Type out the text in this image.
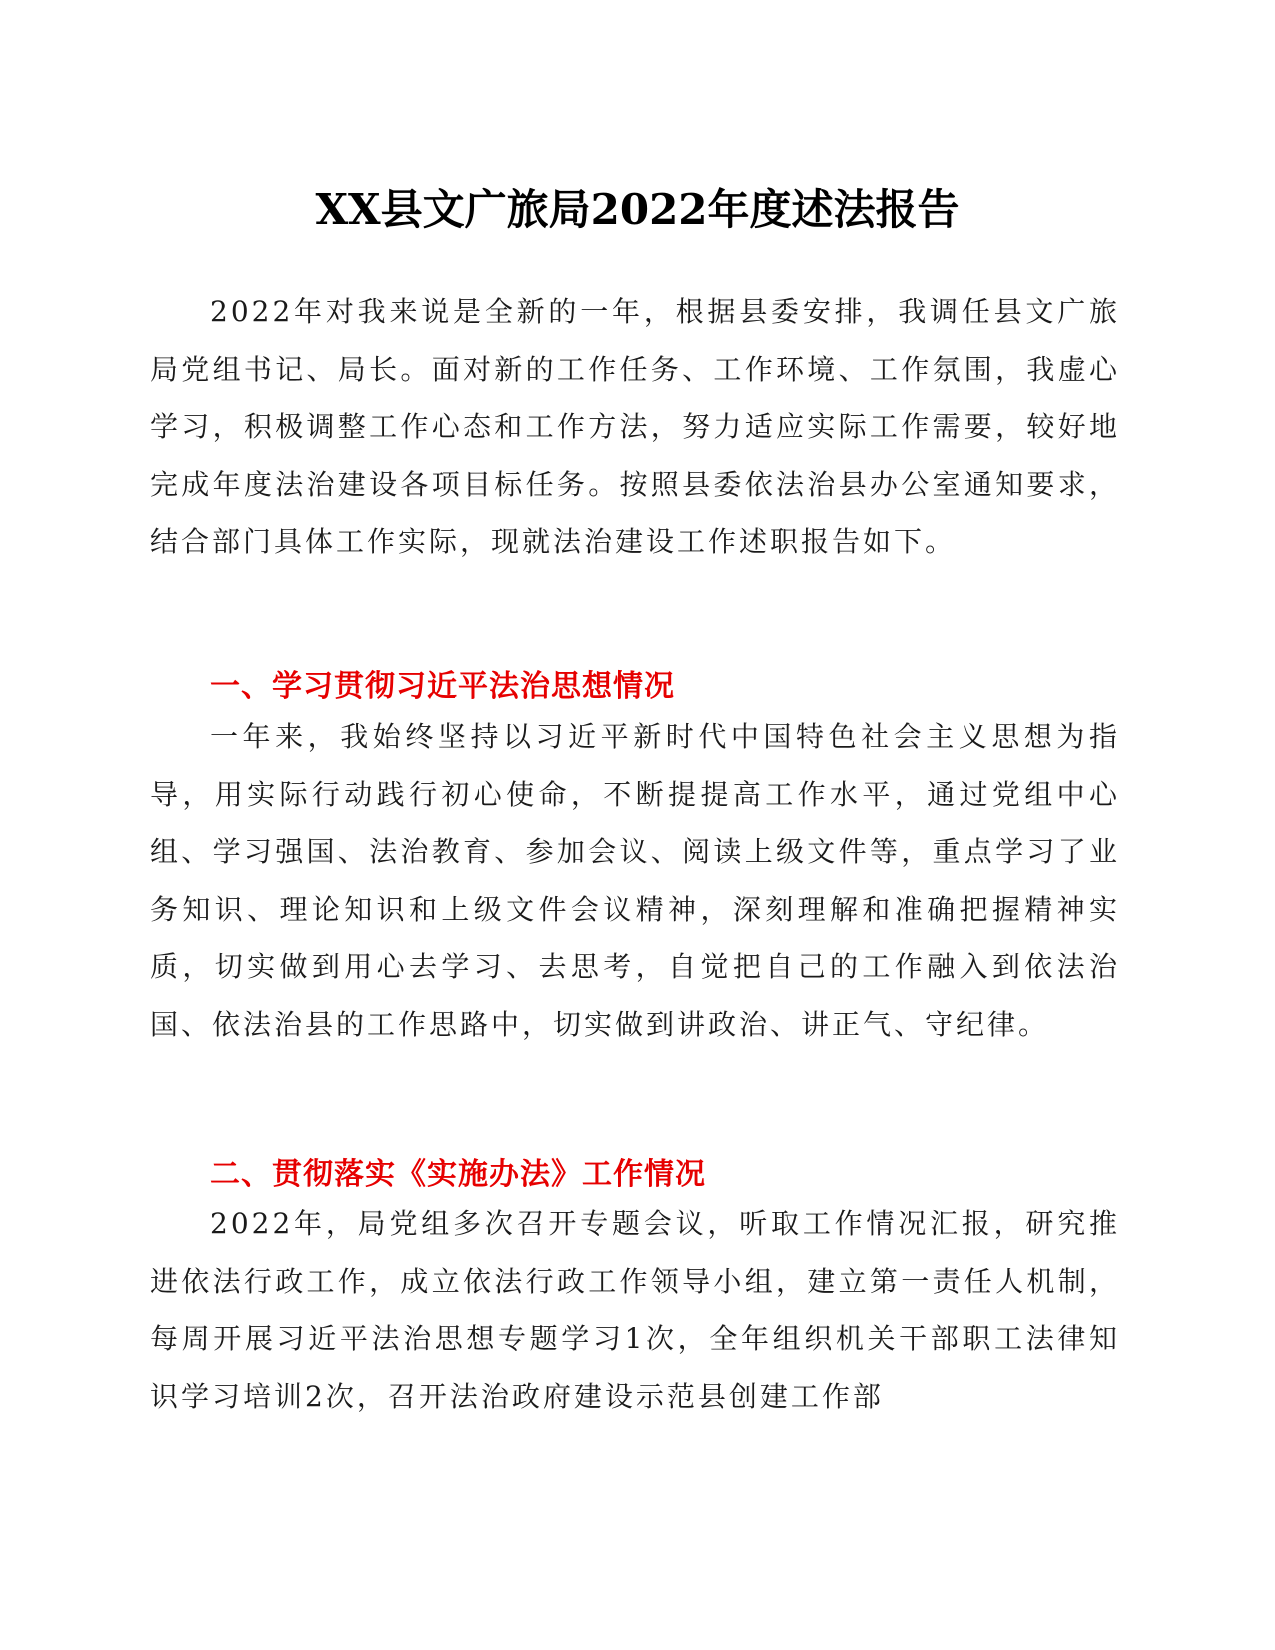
XX县文广旅局2022年度述法报告

2022年对我来说是全新的一年，根据县委安排，我调任县文广旅局党组书记、局长。面对新的工作任务、工作环境、工作氛围，我虚心学习，积极调整工作心态和工作方法，努力适应实际工作需要，较好地完成年度法治建设各项目标任务。按照县委依法治县办公室通知要求，结合部门具体工作实际，现就法治建设工作述职报告如下。

一、学习贯彻习近平法治思想情况

一年来，我始终坚持以习近平新时代中国特色社会主义思想为指导，用实际行动践行初心使命，不断提提高工作水平，通过党组中心组、学习强国、法治教育、参加会议、阅读上级文件等，重点学习了业务知识、理论知识和上级文件会议精神，深刻理解和准确把握精神实质，切实做到用心去学习、去思考，自觉把自己的工作融入到依法治国、依法治县的工作思路中，切实做到讲政治、讲正气、守纪律。

二、贯彻落实《实施办法》工作情况

2022年，局党组多次召开专题会议，听取工作情况汇报，研究推进依法行政工作，成立依法行政工作领导小组，建立第一责任人机制，每周开展习近平法治思想专题学习1次，全年组织机关干部职工法律知识学习培训2次，召开法治政府建设示范县创建工作部
